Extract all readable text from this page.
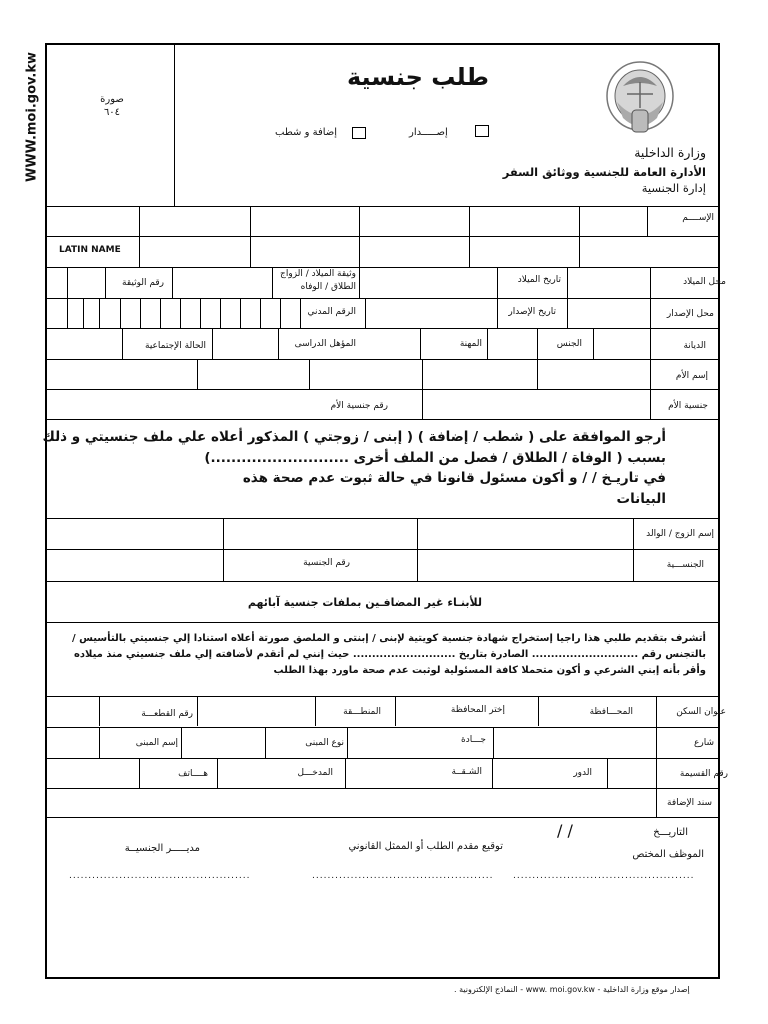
WWW.moi.gov.kw	صورة
٦٠٤
طلب جنسية
إصـــــدار
إضافة و شطب
وزارة الداخلية
الأدارة العامة للجنسية ووثائق السفر
إدارة الجنسية
الإســــم
LATIN NAME
محل الميلاد
تاريخ الميلاد
وثيقة الميلاد / الزواج
الطلاق / الوفاه
رقم الوثيقة
محل الإصدار
تاريخ الإصدار
الرقم المدني
الديانة
الجنس
المهنة
المؤهل الدراسى
الحالة الإجتماعية
إسم الأم
جنسية الأم
رقم جنسية الأم
أرجو الموافقة على ( شطب / إضافة ) ( إبنى / زوجتي ) المذكور أعلاه علي ملف جنسيتي و ذلك
بسبب ( الوفاة / الطلاق / فصل من الملف أخرى ...........................)
في تاريـخ / / و أكون مسئول قانونا في حالة ثبوت عدم صحة هذه
البيانات
إسم الزوج / الوالد
الجنســـية
رقم الجنسية
للأبنـاء غير المضافـين بملفات جنسية آبائهم
أتشرف بتقديم طلبي هذا راجيا إستخراج شهادة جنسية كويتية لإبنى / إبنتى و الملصق صورتة أعلاه استنادا إلي جنسيتي بالتأسيس /
بالتجنس رقم ............................ الصادرة بتاريخ ........................... حيث إنني لم أتقدم لأضافته إلي ملف جنسيتي منذ ميلاده
وأقر بأنه إبني الشرعي و أكون متحملا كافة المسئولية لوثبت عدم صحة ماورد بهذا الطلب
عنوان السكن
المحـــافظة
إختر المحافظة
المنطـــقة
رقم القطعـــة
شارع
جـــادة
نوع المبنى
إسم المبنى
رقم القسيمة
الدور
الشـقــة
المدخـــل
هــــاتف
سند الإضافة
التاريـــخ
/ /
الموظف المختص
توقيع مقدم الطلب أو الممثل القانوني
مديـــــر الجنسيــة
...............................................
...............................................
...............................................
إصدار موقع وزارة الداخلية - www. moi.gov.kw - النماذج الإلكترونية .
